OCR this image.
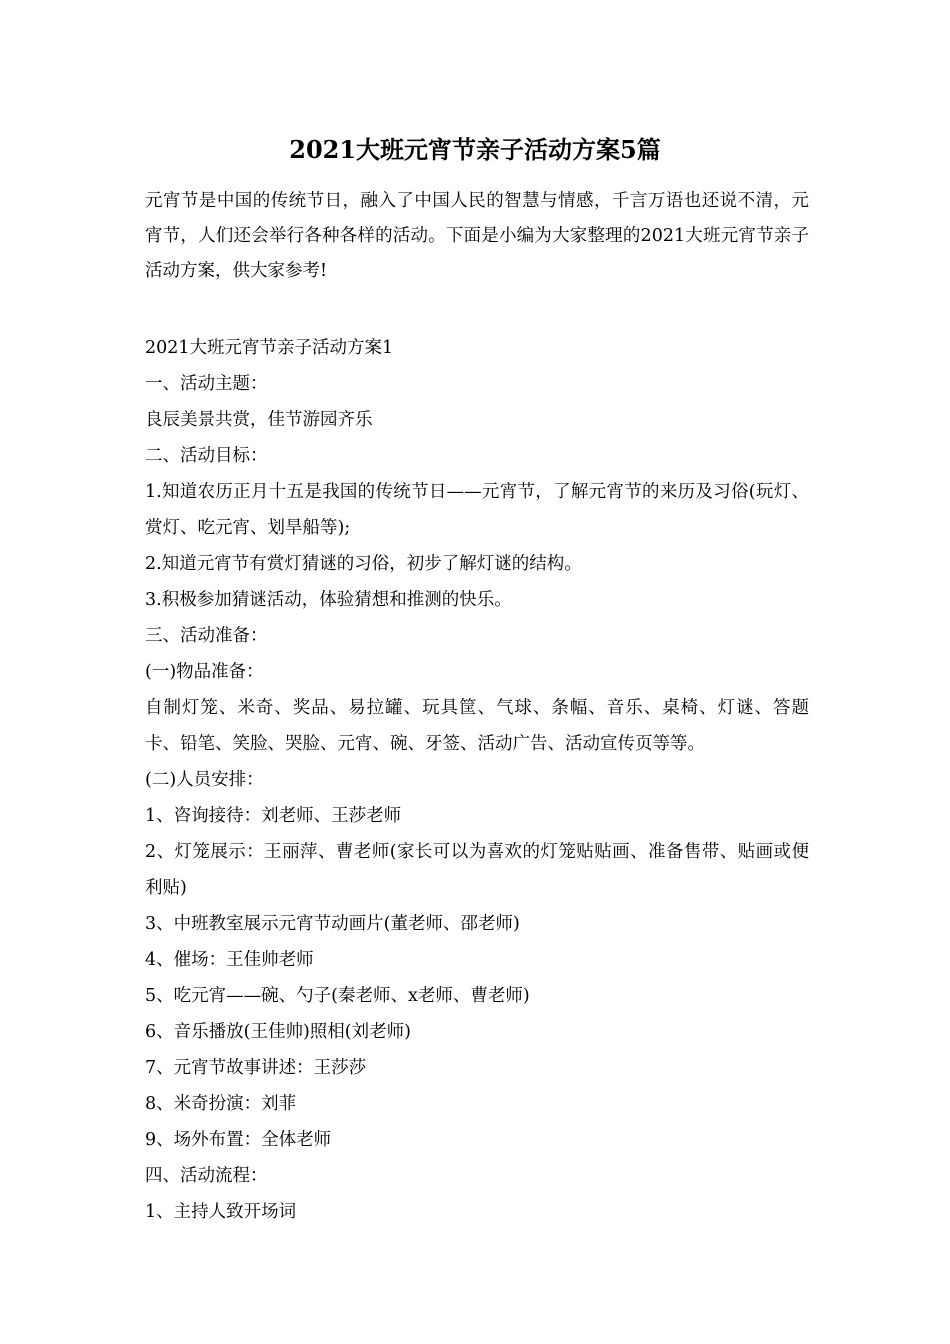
2021大班元宵节亲子活动方案5篇
元宵节是中国的传统节日，融入了中国人民的智慧与情感，千言万语也还说不清，元宵节，人们还会举行各种各样的活动。下面是小编为大家整理的2021大班元宵节亲子活动方案，供大家参考!
2021大班元宵节亲子活动方案1
一、活动主题：
良辰美景共赏，佳节游园齐乐
二、活动目标：
1.知道农历正月十五是我国的传统节日——元宵节，了解元宵节的来历及习俗(玩灯、赏灯、吃元宵、划旱船等);
2.知道元宵节有赏灯猜谜的习俗，初步了解灯谜的结构。
3.积极参加猜谜活动，体验猜想和推测的快乐。
三、活动准备：
(一)物品准备：
自制灯笼、米奇、奖品、易拉罐、玩具筐、气球、条幅、音乐、桌椅、灯谜、答题卡、铅笔、笑脸、哭脸、元宵、碗、牙签、活动广告、活动宣传页等等。
(二)人员安排：
1、咨询接待：刘老师、王莎老师
2、灯笼展示：王丽萍、曹老师(家长可以为喜欢的灯笼贴贴画、准备售带、贴画或便利贴)
3、中班教室展示元宵节动画片(董老师、邵老师)
4、催场：王佳帅老师
5、吃元宵——碗、勺子(秦老师、x老师、曹老师)
6、音乐播放(王佳帅)照相(刘老师)
7、元宵节故事讲述：王莎莎
8、米奇扮演：刘菲
9、场外布置：全体老师
四、活动流程：
1、主持人致开场词
